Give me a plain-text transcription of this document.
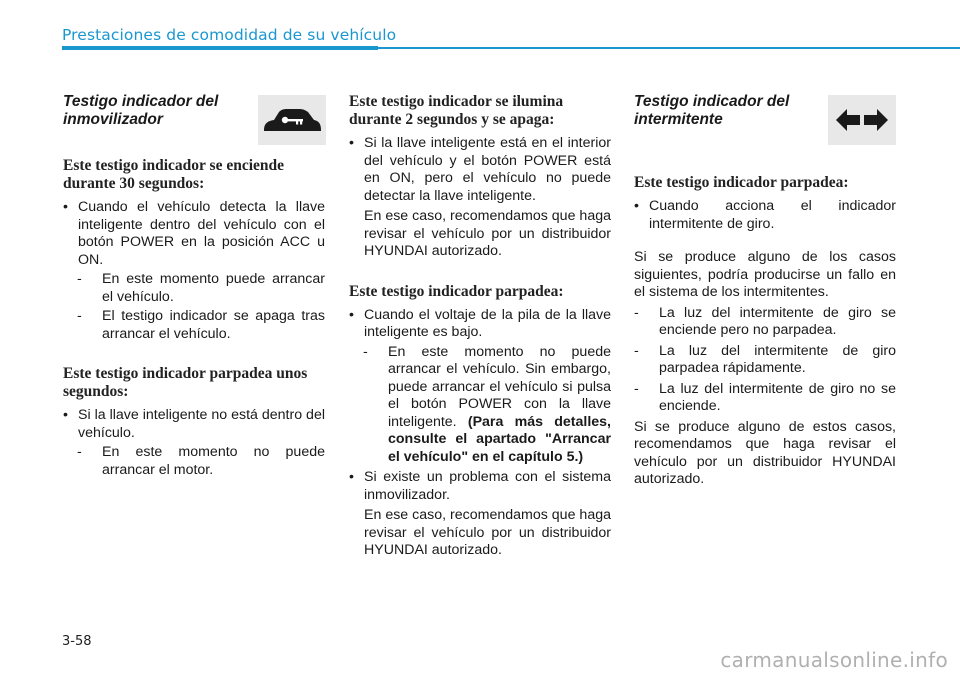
Prestaciones de comodidad de su vehículo
Testigo indicador del inmovilizador
Este testigo indicador se enciende durante 30 segundos:
• Cuando el vehículo detecta la llave inteligente dentro del vehículo con el botón POWER en la posición ACC u ON.
- En este momento puede arrancar el vehículo.
- El testigo indicador se apaga tras arrancar el vehículo.
Este testigo indicador parpadea unos segundos:
• Si la llave inteligente no está dentro del vehículo.
- En este momento no puede arrancar el motor.
Este testigo indicador se ilumina durante 2 segundos y se apaga:
• Si la llave inteligente está en el interior del vehículo y el botón POWER está en ON, pero el vehículo no puede detectar la llave inteligente.
En ese caso, recomendamos que haga revisar el vehículo por un distribuidor HYUNDAI autorizado.
Este testigo indicador parpadea:
• Cuando el voltaje de la pila de la llave inteligente es bajo.
- En este momento no puede arrancar el vehículo. Sin embargo, puede arrancar el vehículo si pulsa el botón POWER con la llave inteligente. (Para más detalles, consulte el apartado "Arrancar el vehículo" en el capítulo 5.)
• Si existe un problema con el sistema inmovilizador.
En ese caso, recomendamos que haga revisar el vehículo por un distribuidor HYUNDAI autorizado.
Testigo indicador del intermitente
Este testigo indicador parpadea:
• Cuando acciona el indicador intermitente de giro.
Si se produce alguno de los casos siguientes, podría producirse un fallo en el sistema de los intermitentes.
- La luz del intermitente de giro se enciende pero no parpadea.
- La luz del intermitente de giro parpadea rápidamente.
- La luz del intermitente de giro no se enciende.
Si se produce alguno de estos casos, recomendamos que haga revisar el vehículo por un distribuidor HYUNDAI autorizado.
3-58
carmanualsonline.info
